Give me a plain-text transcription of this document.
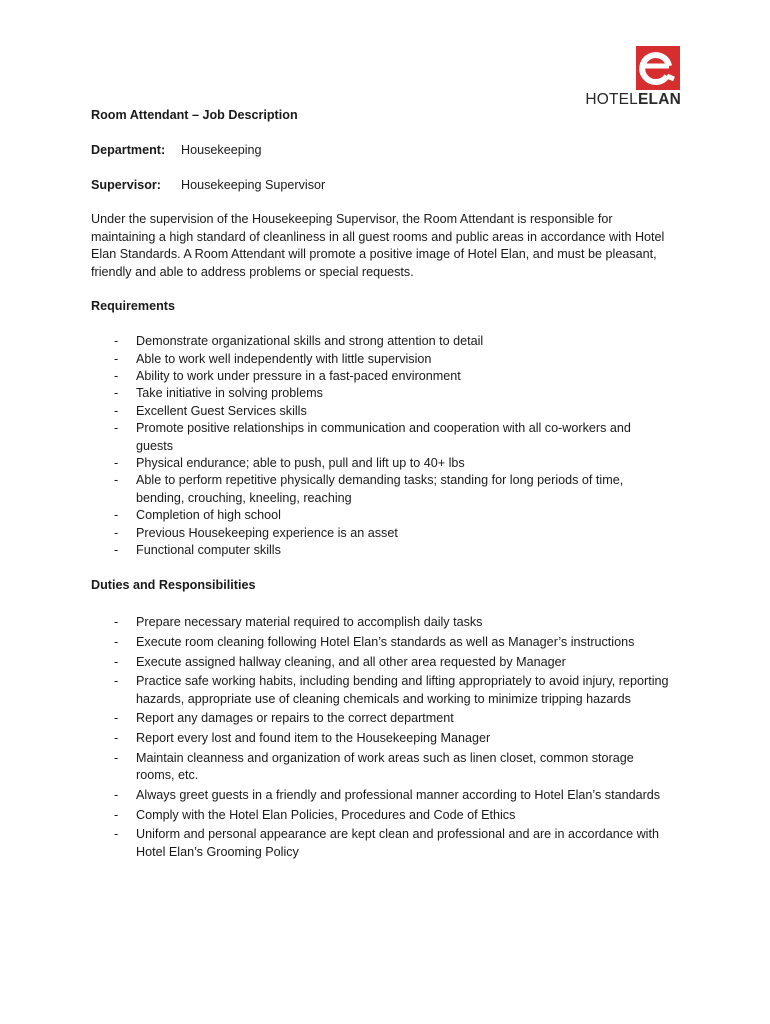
HOTELELAN
Room Attendant – Job Description
Department: Housekeeping
Supervisor: Housekeeping Supervisor

Under the supervision of the Housekeeping Supervisor, the Room Attendant is responsible for maintaining a high standard of cleanliness in all guest rooms and public areas in accordance with Hotel Elan Standards. A Room Attendant will promote a positive image of Hotel Elan, and must be pleasant, friendly and able to address problems or special requests.

Requirements
- Demonstrate organizational skills and strong attention to detail
- Able to work well independently with little supervision
- Ability to work under pressure in a fast-paced environment
- Take initiative in solving problems
- Excellent Guest Services skills
- Promote positive relationships in communication and cooperation with all co-workers and guests
- Physical endurance; able to push, pull and lift up to 40+ lbs
- Able to perform repetitive physically demanding tasks; standing for long periods of time, bending, crouching, kneeling, reaching
- Completion of high school
- Previous Housekeeping experience is an asset
- Functional computer skills
Duties and Responsibilities
- Prepare necessary material required to accomplish daily tasks
- Execute room cleaning following Hotel Elan’s standards as well as Manager’s instructions
- Execute assigned hallway cleaning, and all other area requested by Manager
- Practice safe working habits, including bending and lifting appropriately to avoid injury, reporting hazards, appropriate use of cleaning chemicals and working to minimize tripping hazards
- Report any damages or repairs to the correct department
- Report every lost and found item to the Housekeeping Manager
- Maintain cleanness and organization of work areas such as linen closet, common storage rooms, etc.
- Always greet guests in a friendly and professional manner according to Hotel Elan’s standards
- Comply with the Hotel Elan Policies, Procedures and Code of Ethics
- Uniform and personal appearance are kept clean and professional and are in accordance with Hotel Elan’s Grooming Policy
